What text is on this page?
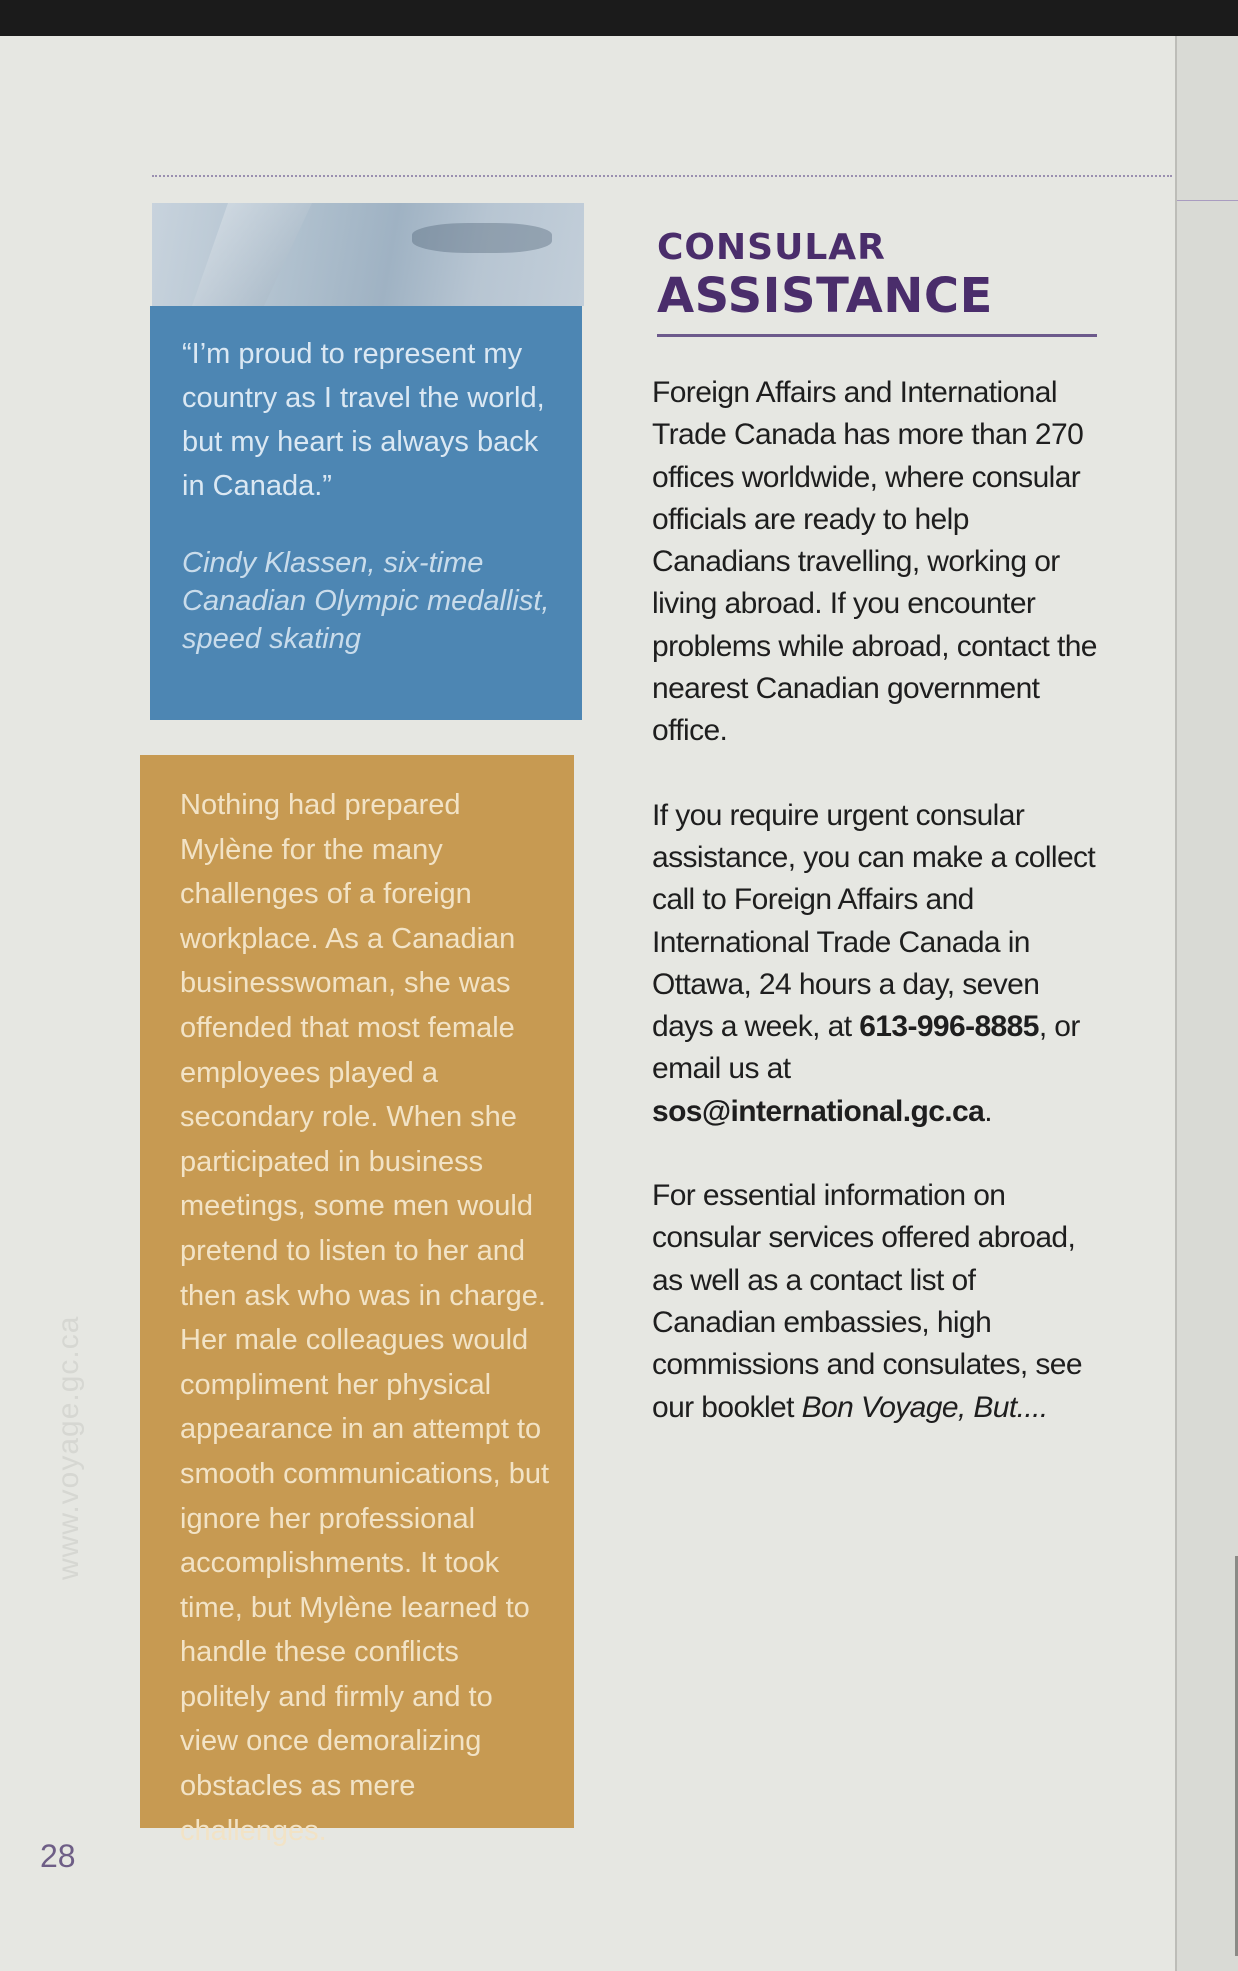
“I’m proud to represent my country as I travel the world, but my heart is always back in Canada.”

Cindy Klassen, six-time Canadian Olympic medallist, speed skating

Nothing had prepared Mylène for the many challenges of a foreign workplace. As a Canadian businesswoman, she was offended that most female employees played a secondary role. When she participated in business meetings, some men would pretend to listen to her and then ask who was in charge. Her male colleagues would compliment her physical appearance in an attempt to smooth communications, but ignore her professional accomplishments. It took time, but Mylène learned to handle these conflicts politely and firmly and to view once demoralizing obstacles as mere challenges.

www.voyage.gc.ca

28

CONSULAR
ASSISTANCE

Foreign Affairs and International Trade Canada has more than 270 offices worldwide, where consular officials are ready to help Canadians travelling, working or living abroad. If you encounter problems while abroad, contact the nearest Canadian government office.

If you require urgent consular assistance, you can make a collect call to Foreign Affairs and International Trade Canada in Ottawa, 24 hours a day, seven days a week, at 613-996-8885, or email us at sos@international.gc.ca.

For essential information on consular services offered abroad, as well as a contact list of Canadian embassies, high commissions and consulates, see our booklet Bon Voyage, But....
